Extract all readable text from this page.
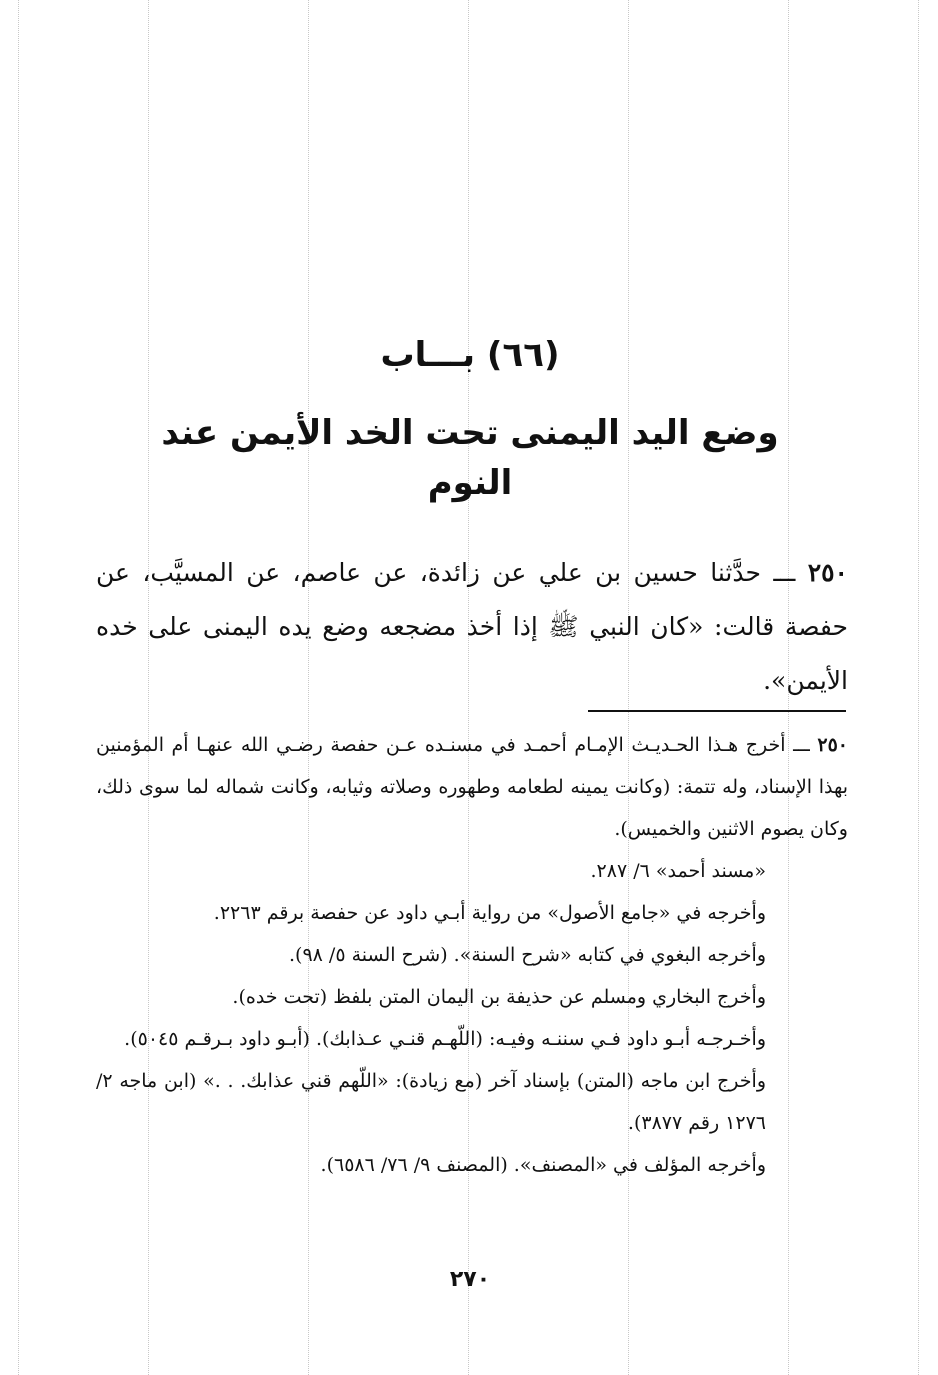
(٦٦) بـــاب
وضع اليد اليمنى تحت الخد الأيمن عند النوم

٢٥٠ ـــ حدَّثنا حسين بن علي عن زائدة، عن عاصم، عن المسيَّب، عن حفصة قالت: «كان النبي ﷺ إذا أخذ مضجعه وضع يده اليمنى على خده الأيمن».

٢٥٠ ـــ أخرج هـذا الحـديـث الإمـام أحمـد في مسنـده عـن حفصة رضـي الله عنهـا أم المؤمنين بهذا الإسناد، وله تتمة: (وكانت يمينه لطعامه وطهوره وصلاته وثيابه، وكانت شماله لما سوى ذلك، وكان يصوم الاثنين والخميس).

«مسند أحمد» ٦/ ٢٨٧.

وأخرجه في «جامع الأصول» من رواية أبـي داود عن حفصة برقم ٢٢٦٣.

وأخرجه البغوي في كتابه «شرح السنة». (شرح السنة ٥/ ٩٨).

وأخرج البخاري ومسلم عن حذيفة بن اليمان المتن بلفظ (تحت خده).

وأخـرجـه أبـو داود فـي سننـه وفيـه: (اللّهـم قنـي عـذابك). (أبـو داود بـرقـم ٥٠٤٥).

وأخرج ابن ماجه (المتن) بإسناد آخر (مع زيادة): «اللّهم قني عذابك. . .» (ابن ماجه ٢/ ١٢٧٦ رقم ٣٨٧٧).

وأخرجه المؤلف في «المصنف». (المصنف ٩/ ٧٦/ ٦٥٨٦).

٢٧٠
